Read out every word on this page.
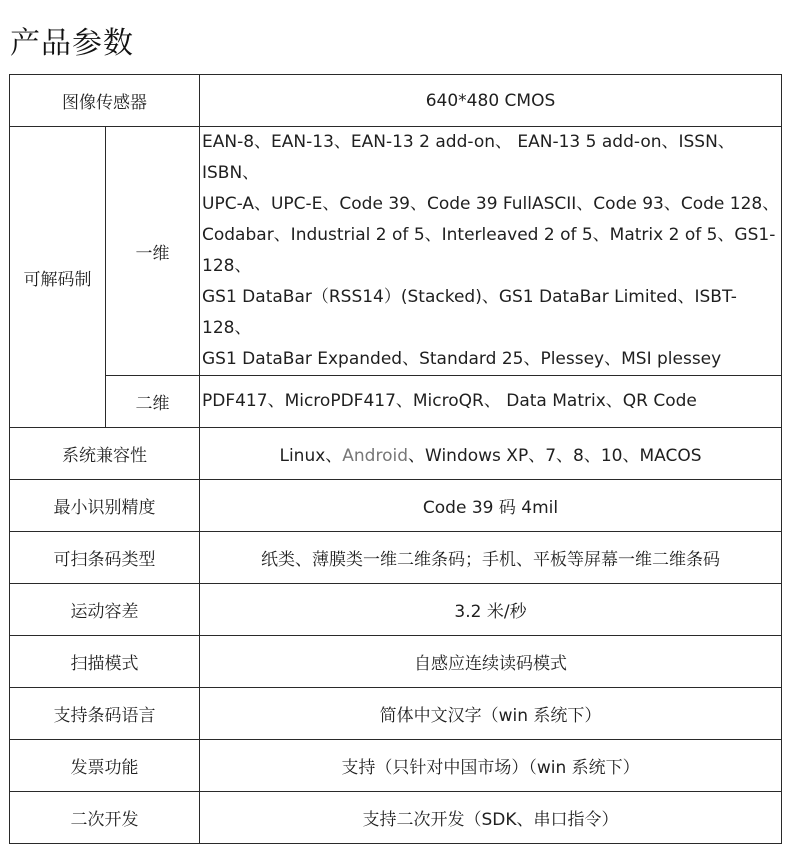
产品参数
图像传感器		640*480 CMOS
可解码制	一维	EAN-8、EAN-13、EAN-13 2 add-on、 EAN-13 5 add-on、ISSN、ISBN、
UPC-A、UPC-E、Code 39、Code 39 FullASCII、Code 93、Code 128、
Codabar、Industrial 2 of 5、Interleaved 2 of 5、Matrix 2 of 5、GS1-128、
GS1 DataBar（RSS14）(Stacked)、GS1 DataBar Limited、ISBT-128、
GS1 DataBar Expanded、Standard 25、Plessey、MSI plessey

	二维	PDF417、MicroPDF417、MicroQR、 Data Matrix、QR Code
系统兼容性		Linux、Android、Windows XP、7、8、10、MACOS
最小识别精度		Code 39 码 4mil
可扫条码类型		纸类、薄膜类一维二维条码；手机、平板等屏幕一维二维条码
运动容差		3.2 米/秒
扫描模式		自感应连续读码模式
支持条码语言		简体中文汉字（win 系统下）
发票功能		支持（只针对中国市场）（win 系统下）
二次开发		支持二次开发（SDK、串口指令）
